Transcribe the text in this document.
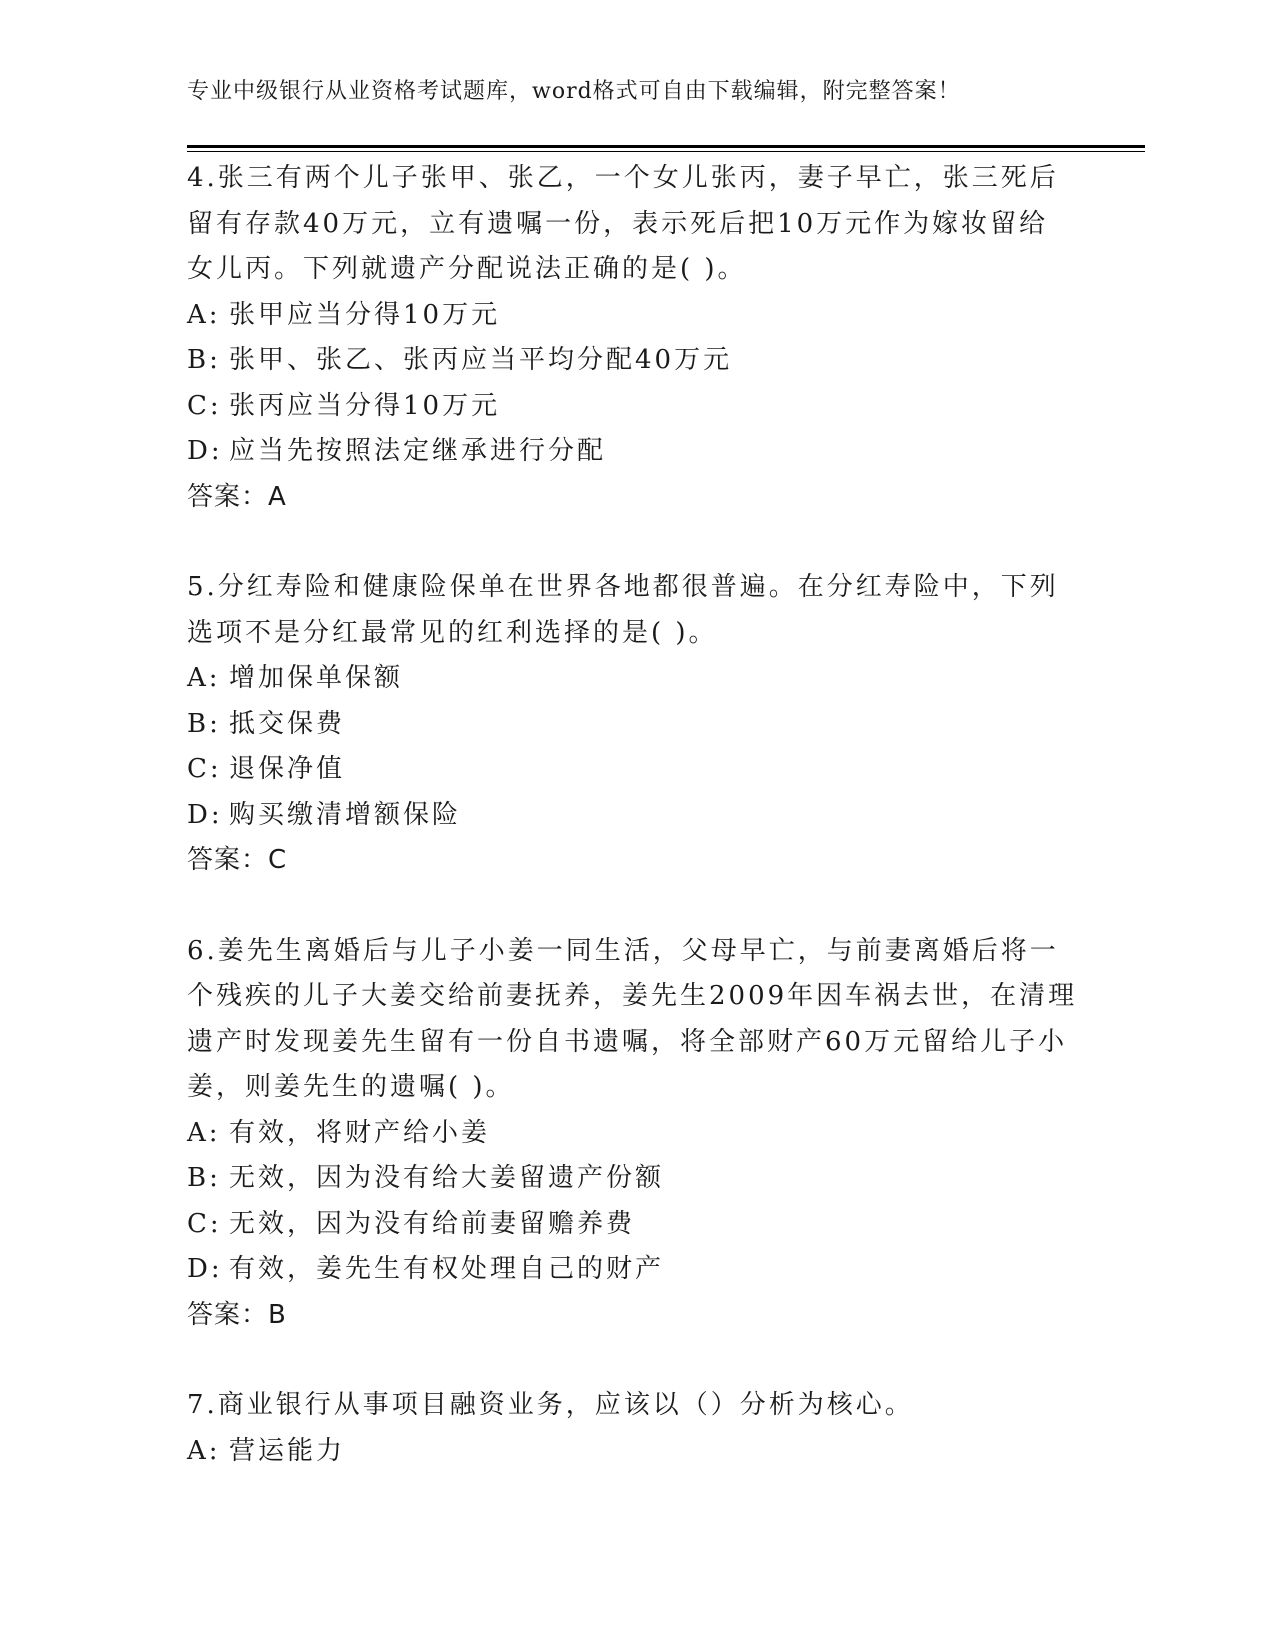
专业中级银行从业资格考试题库，word格式可自由下载编辑，附完整答案！
4.张三有两个儿子张甲、张乙，一个女儿张丙，妻子早亡，张三死后
留有存款40万元，立有遗嘱一份，表示死后把10万元作为嫁妆留给
女儿丙。下列就遗产分配说法正确的是( )。
A: 张甲应当分得10万元
B: 张甲、张乙、张丙应当平均分配40万元
C: 张丙应当分得10万元
D: 应当先按照法定继承进行分配
答案：A
5.分红寿险和健康险保单在世界各地都很普遍。在分红寿险中，下列
选项不是分红最常见的红利选择的是( )。
A: 增加保单保额
B: 抵交保费
C: 退保净值
D: 购买缴清增额保险
答案：C
6.姜先生离婚后与儿子小姜一同生活，父母早亡，与前妻离婚后将一
个残疾的儿子大姜交给前妻抚养，姜先生2009年因车祸去世，在清理
遗产时发现姜先生留有一份自书遗嘱，将全部财产60万元留给儿子小
姜，则姜先生的遗嘱( )。
A: 有效，将财产给小姜
B: 无效，因为没有给大姜留遗产份额
C: 无效，因为没有给前妻留赡养费
D: 有效，姜先生有权处理自己的财产
答案：B
7.商业银行从事项目融资业务，应该以（）分析为核心。
A: 营运能力
